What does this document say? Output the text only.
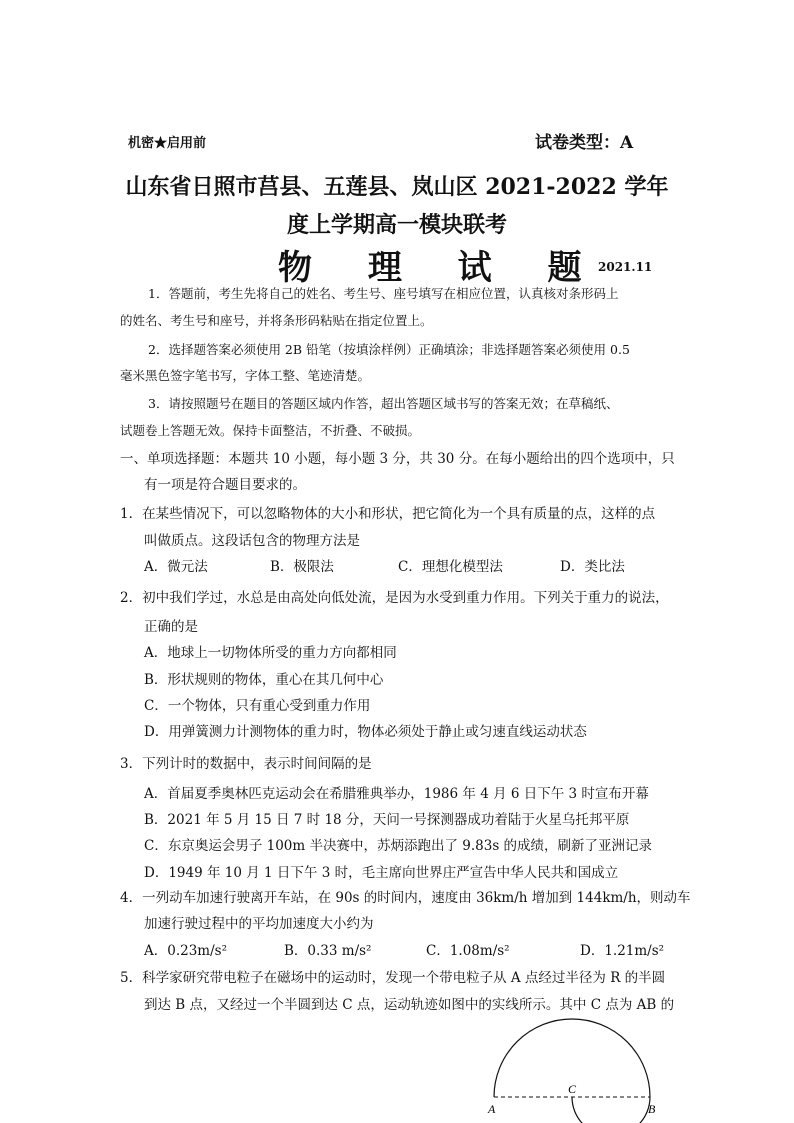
机密★启用前	试卷类型：A
山东省日照市莒县、五莲县、岚山区 2021-2022 学年
度上学期高一模块联考
物 理 试 题
2021.11
1．答题前，考生先将自己的姓名、考生号、座号填写在相应位置，认真核对条形码上
的姓名、考生号和座号，并将条形码粘贴在指定位置上。
2．选择题答案必须使用 2B 铅笔（按填涂样例）正确填涂；非选择题答案必须使用 0.5
毫米黑色签字笔书写，字体工整、笔迹清楚。
3．请按照题号在题目的答题区域内作答，超出答题区域书写的答案无效；在草稿纸、
试题卷上答题无效。保持卡面整洁，不折叠、不破损。
一、单项选择题：本题共 10 小题，每小题 3 分，共 30 分。在每小题给出的四个选项中，只
有一项是符合题目要求的。
1．在某些情况下，可以忽略物体的大小和形状，把它简化为一个具有质量的点，这样的点
叫做质点。这段话包含的物理方法是
A．微元法	B．极限法	C．理想化模型法	D．类比法
2．初中我们学过，水总是由高处向低处流，是因为水受到重力作用。下列关于重力的说法，
正确的是
A．地球上一切物体所受的重力方向都相同
B．形状规则的物体，重心在其几何中心
C．一个物体，只有重心受到重力作用
D．用弹簧测力计测物体的重力时，物体必须处于静止或匀速直线运动状态
3．下列计时的数据中，表示时间间隔的是
A．首届夏季奥林匹克运动会在希腊雅典举办，1986 年 4 月 6 日下午 3 时宣布开幕
B．2021 年 5 月 15 日 7 时 18 分，天问一号探测器成功着陆于火星乌托邦平原
C．东京奥运会男子 100m 半决赛中，苏炳添跑出了 9.83s 的成绩，刷新了亚洲记录
D．1949 年 10 月 1 日下午 3 时，毛主席向世界庄严宣告中华人民共和国成立
4．一列动车加速行驶离开车站，在 90s 的时间内，速度由 36km/h 增加到 144km/h，则动车
加速行驶过程中的平均加速度大小约为
A．0.23m/s²	B．0.33 m/s²	C．1.08m/s²	D．1.21m/s²
5．科学家研究带电粒子在磁场中的运动时，发现一个带电粒子从 A 点经过半径为 R 的半圆
到达 B 点，又经过一个半圆到达 C 点，运动轨迹如图中的实线所示。其中 C 点为 AB 的
A	B
C
